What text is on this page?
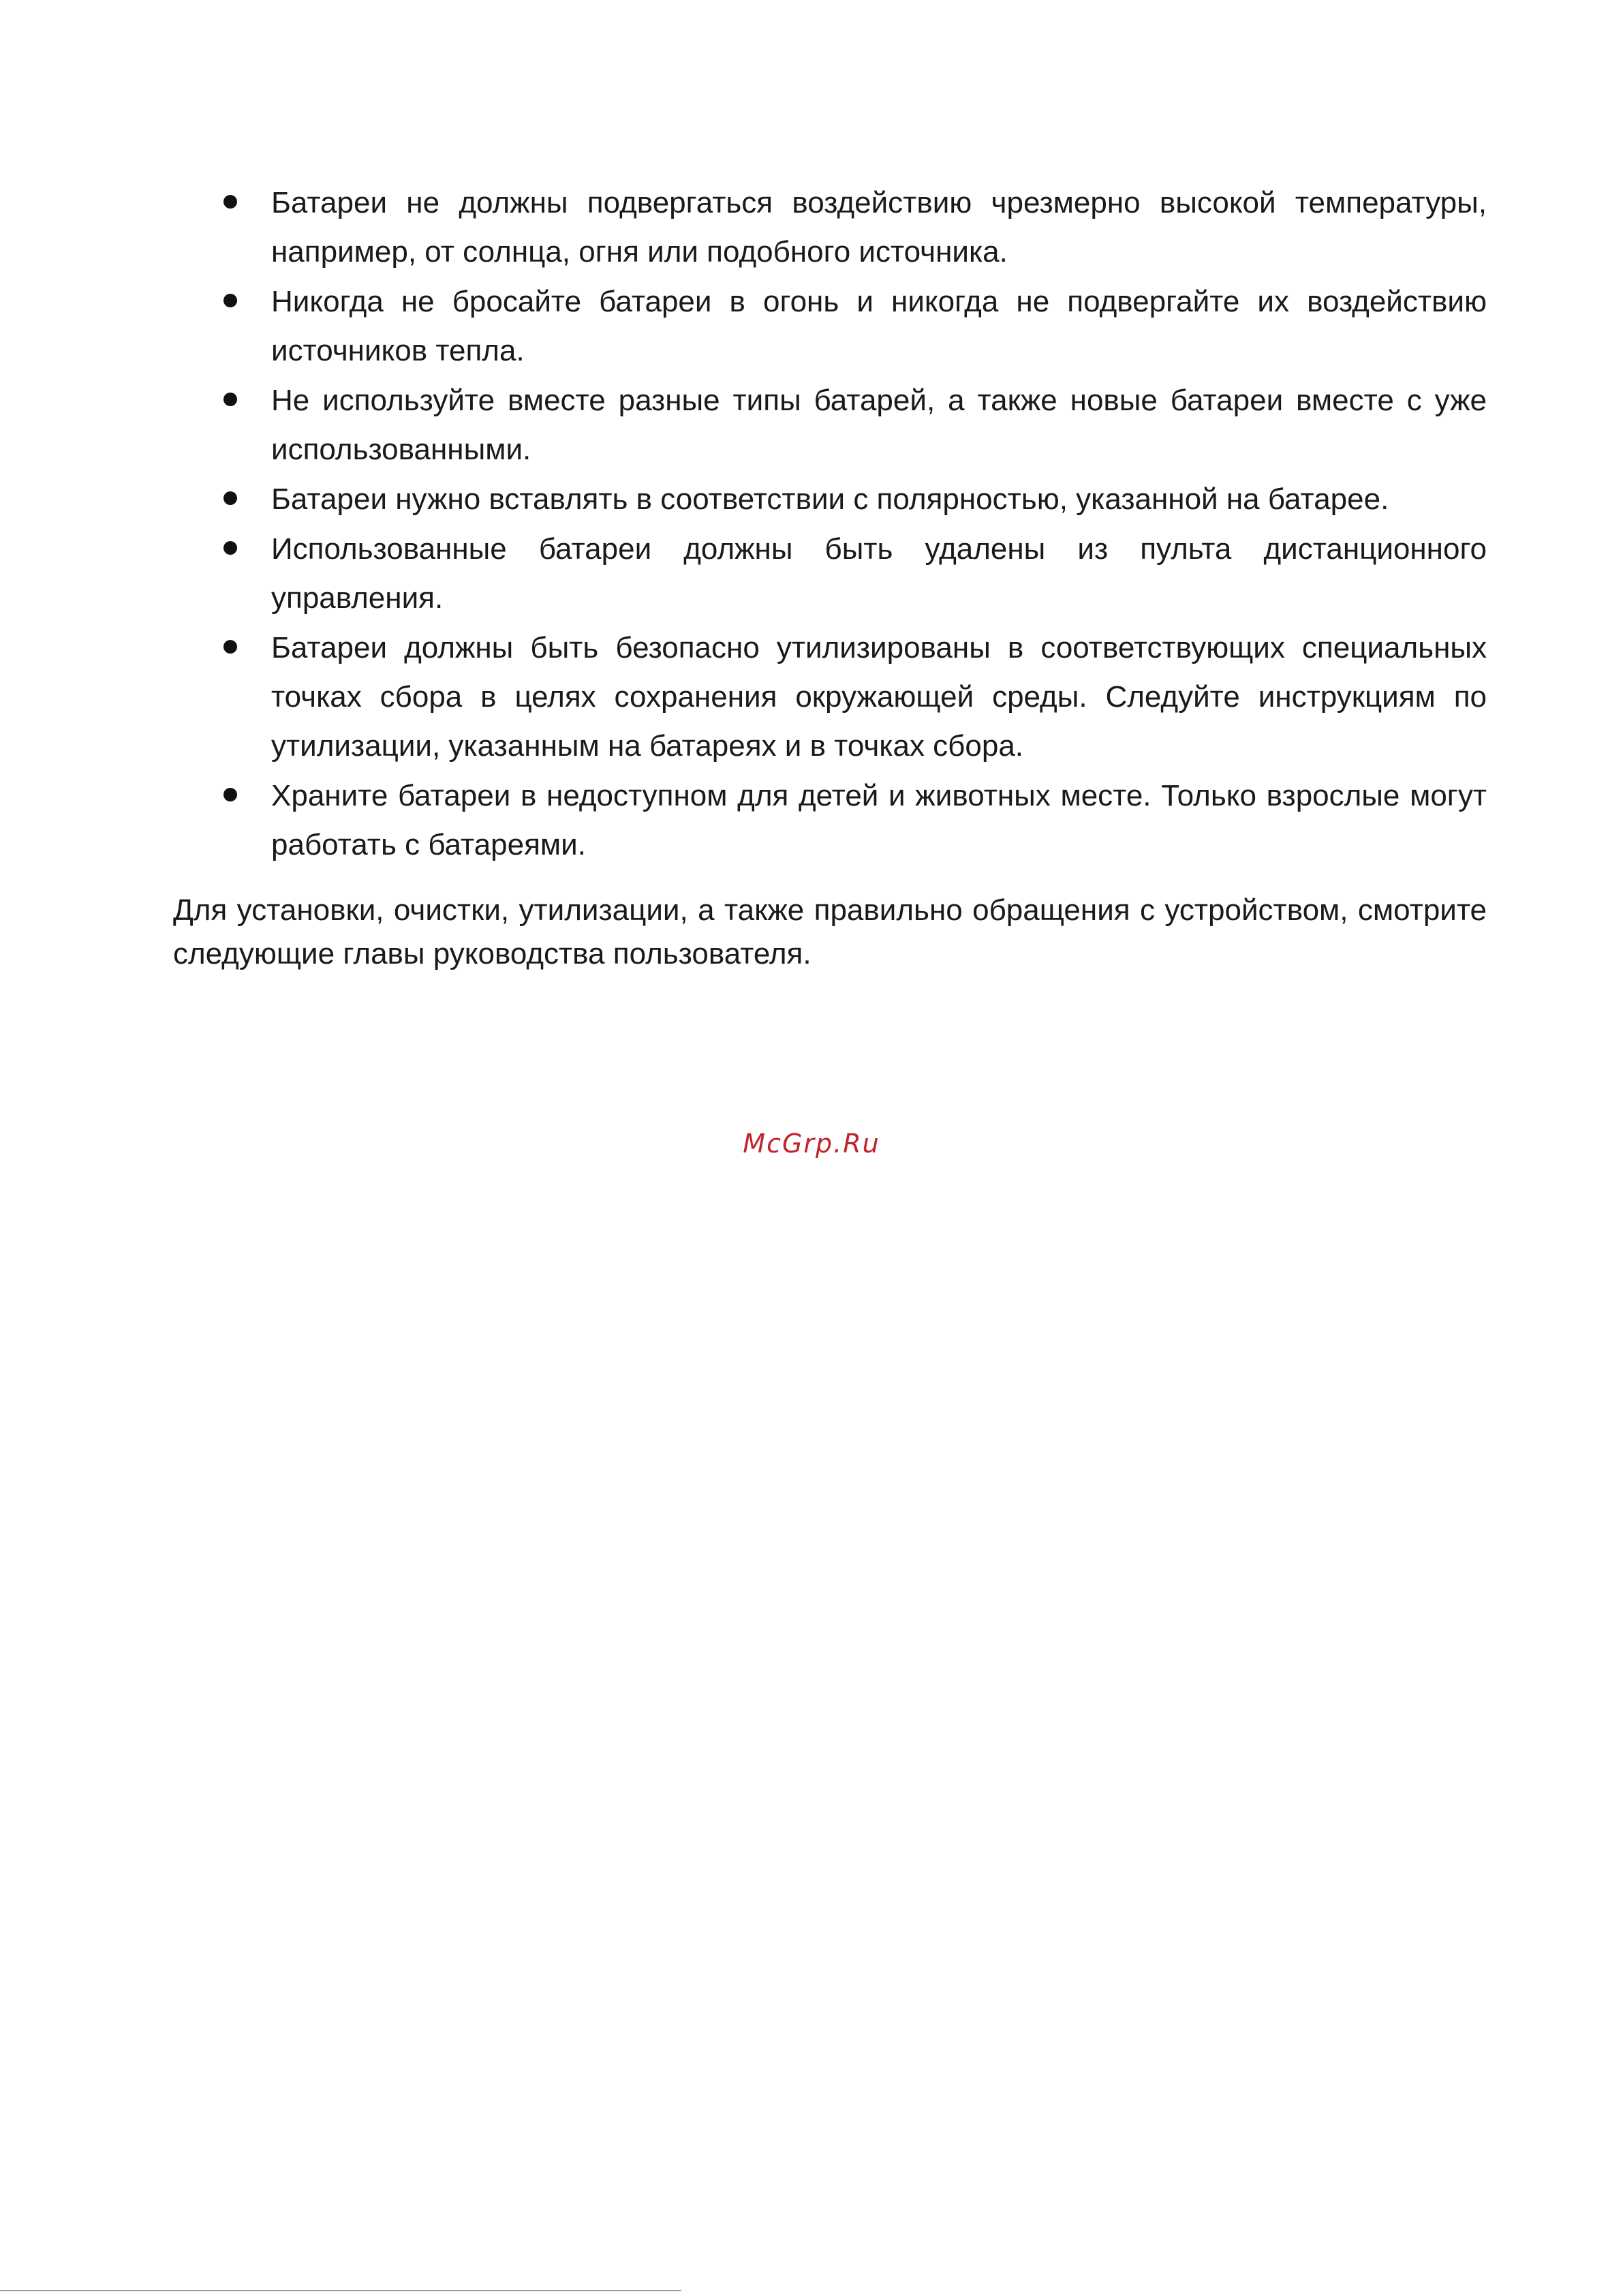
Батареи не должны подвергаться воздействию чрезмерно высокой температуры, например, от солнца, огня или подобного источника.
Никогда не бросайте батареи в огонь и никогда не подвергайте их воздействию источников тепла.
Не используйте вместе разные типы батарей, а также новые батареи вместе с уже использованными.
Батареи нужно вставлять в соответствии с полярностью, указанной на батарее.
Использованные батареи должны быть удалены из пульта дистанционного управления.
Батареи должны быть безопасно утилизированы в соответствующих специальных точках сбора в целях сохранения окружающей среды. Следуйте инструкциям по утилизации, указанным на батареях и в точках сбора.
Храните батареи в недоступном для детей и животных месте. Только взрослые могут работать с батареями.

Для установки, очистки, утилизации, а также правильно обращения с устройством, смотрите следующие главы руководства пользователя.

McGrp.Ru
